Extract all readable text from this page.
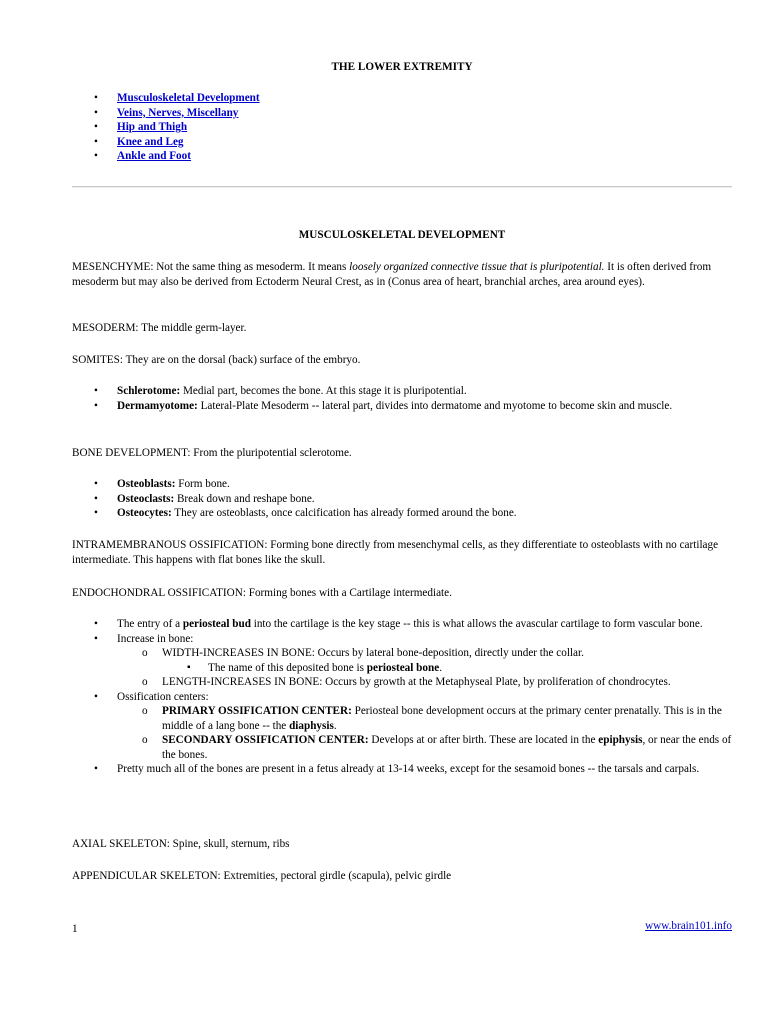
THE LOWER EXTREMITY
• Musculoskeletal Development
• Veins, Nerves, Miscellany
• Hip and Thigh
• Knee and Leg
• Ankle and Foot
MUSCULOSKELETAL DEVELOPMENT
MESENCHYME: Not the same thing as mesoderm. It means loosely organized connective tissue that is pluripotential. It is often derived from mesoderm but may also be derived from Ectoderm Neural Crest, as in (Conus area of heart, branchial arches, area around eyes).
MESODERM: The middle germ-layer.
SOMITES: They are on the dorsal (back) surface of the embryo.
• Schlerotome: Medial part, becomes the bone. At this stage it is pluripotential.
• Dermamyotome: Lateral-Plate Mesoderm -- lateral part, divides into dermatome and myotome to become skin and muscle.
BONE DEVELOPMENT: From the pluripotential sclerotome.
• Osteoblasts: Form bone.
• Osteoclasts: Break down and reshape bone.
• Osteocytes: They are osteoblasts, once calcification has already formed around the bone.
INTRAMEMBRANOUS OSSIFICATION: Forming bone directly from mesenchymal cells, as they differentiate to osteoblasts with no cartilage intermediate. This happens with flat bones like the skull.
ENDOCHONDRAL OSSIFICATION: Forming bones with a Cartilage intermediate.
• The entry of a periosteal bud into the cartilage is the key stage -- this is what allows the avascular cartilage to form vascular bone.
• Increase in bone:
o WIDTH-INCREASES IN BONE: Occurs by lateral bone-deposition, directly under the collar.
▪ The name of this deposited bone is periosteal bone.
o LENGTH-INCREASES IN BONE: Occurs by growth at the Metaphyseal Plate, by proliferation of chondrocytes.
• Ossification centers:
o PRIMARY OSSIFICATION CENTER: Periosteal bone development occurs at the primary center prenatally. This is in the middle of a lang bone -- the diaphysis.
o SECONDARY OSSIFICATION CENTER: Develops at or after birth. These are located in the epiphysis, or near the ends of the bones.
• Pretty much all of the bones are present in a fetus already at 13-14 weeks, except for the sesamoid bones -- the tarsals and carpals.
AXIAL SKELETON: Spine, skull, sternum, ribs
APPENDICULAR SKELETON: Extremities, pectoral girdle (scapula), pelvic girdle
1	www.brain101.info
